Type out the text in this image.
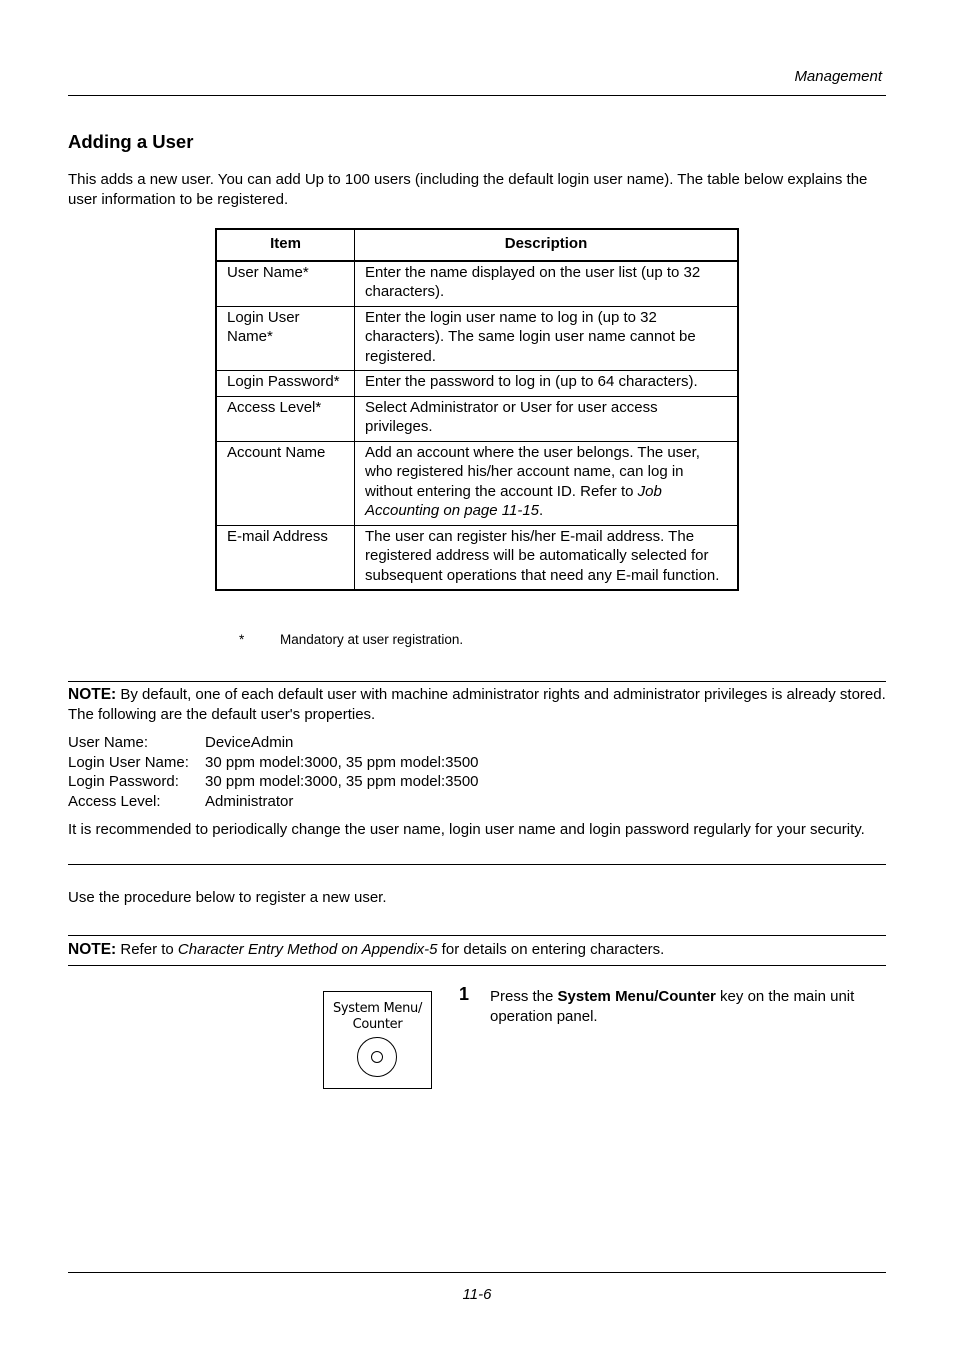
Management
Adding a User
This adds a new user. You can add Up to 100 users (including the default login user name). The table below explains the user information to be registered.
Item	Description
User Name*	Enter the name displayed on the user list (up to 32 characters).
Login User Name*	Enter the login user name to log in (up to 32 characters). The same login user name cannot be registered.
Login Password*	Enter the password to log in (up to 64 characters).
Access Level*	Select Administrator or User for user access privileges.
Account Name	Add an account where the user belongs. The user, who registered his/her account name, can log in without entering the account ID. Refer to Job Accounting on page 11-15.
E-mail Address	The user can register his/her E-mail address. The registered address will be automatically selected for subsequent operations that need any E-mail function.
*	Mandatory at user registration.
NOTE: By default, one of each default user with machine administrator rights and administrator privileges is already stored. The following are the default user's properties.
User Name:	DeviceAdmin
Login User Name:	30 ppm model:3000, 35 ppm model:3500
Login Password:	30 ppm model:3000, 35 ppm model:3500
Access Level:	Administrator
It is recommended to periodically change the user name, login user name and login password regularly for your security.
Use the procedure below to register a new user.
NOTE: Refer to Character Entry Method on Appendix-5 for details on entering characters.
System Menu/
Counter
1 Press the System Menu/Counter key on the main unit operation panel.
11-6
